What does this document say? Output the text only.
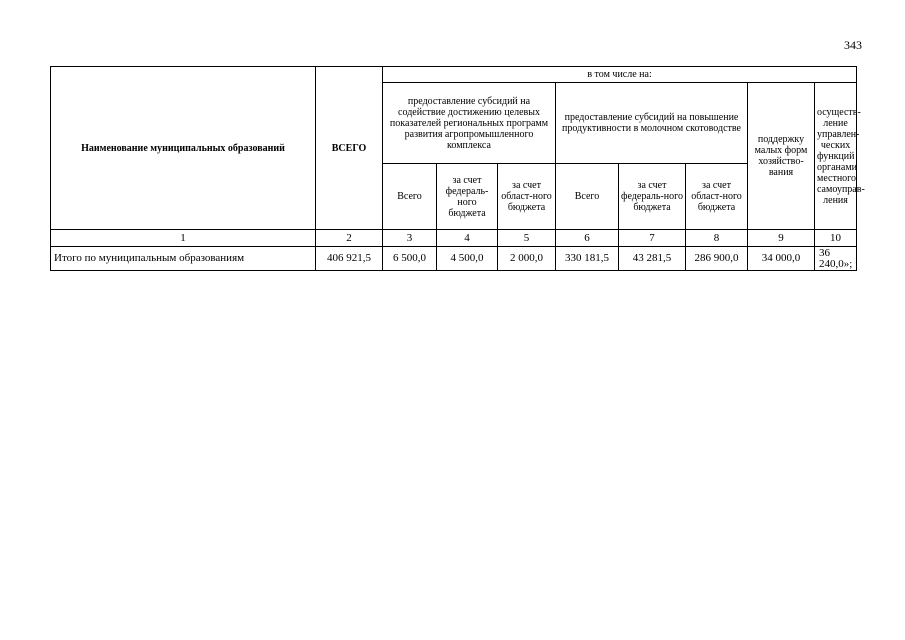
343
Наименование муниципальных образований	ВСЕГО	в том числе на:							
		предоставление субсидий на содействие достижению целевых показателей региональных программ развития агропромышленного комплекса			предоставление субсидий на повышение продуктивности в молочном скотоводстве			поддержку малых форм хозяйство-вания	осуществ-ление управлен-ческих функций органами местного самоуправ-ления
		Всего	за счет федераль-ного бюджета	за счет област-ного бюджета	Всего	за счет федераль-ного бюджета	за счет област-ного бюджета		
1	2	3	4	5	6	7	8	9	10
Итого по муниципальным образованиям	406 921,5	6 500,0	4 500,0	2 000,0	330 181,5	43 281,5	286 900,0	34 000,0	36 240,0»;
